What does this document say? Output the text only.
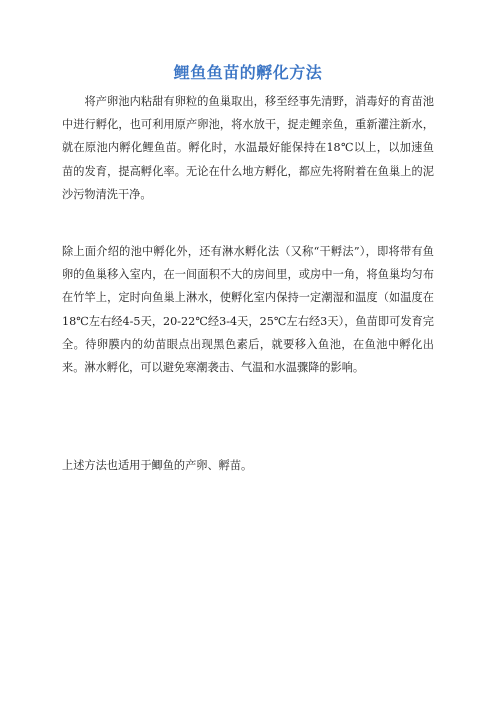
鲤鱼鱼苗的孵化方法

将产卵池内粘甜有卵粒的鱼巢取出，移至经事先清野，消毒好的育苗池中进行孵化，也可利用原产卵池，将水放干，捉走鲤亲鱼，重新灌注新水，就在原池内孵化鲤鱼苗。孵化时，水温最好能保持在18℃以上，以加速鱼苗的发育，提高孵化率。无论在什么地方孵化，都应先将附着在鱼巢上的泥沙污物清洗干净。

除上面介绍的池中孵化外，还有淋水孵化法（又称“干孵法”），即将带有鱼卵的鱼巢移入室内，在一间面积不大的房间里，或房中一角，将鱼巢均匀布在竹竿上，定时向鱼巢上淋水，使孵化室内保持一定潮湿和温度（如温度在18℃左右经4-5天，20-22℃经3-4天，25℃左右经3天），鱼苗即可发育完全。待卵膜内的幼苗眼点出现黑色素后，就要移入鱼池，在鱼池中孵化出来。淋水孵化，可以避免寒潮袭击、气温和水温骤降的影响。

上述方法也适用于鲫鱼的产卵、孵苗。
